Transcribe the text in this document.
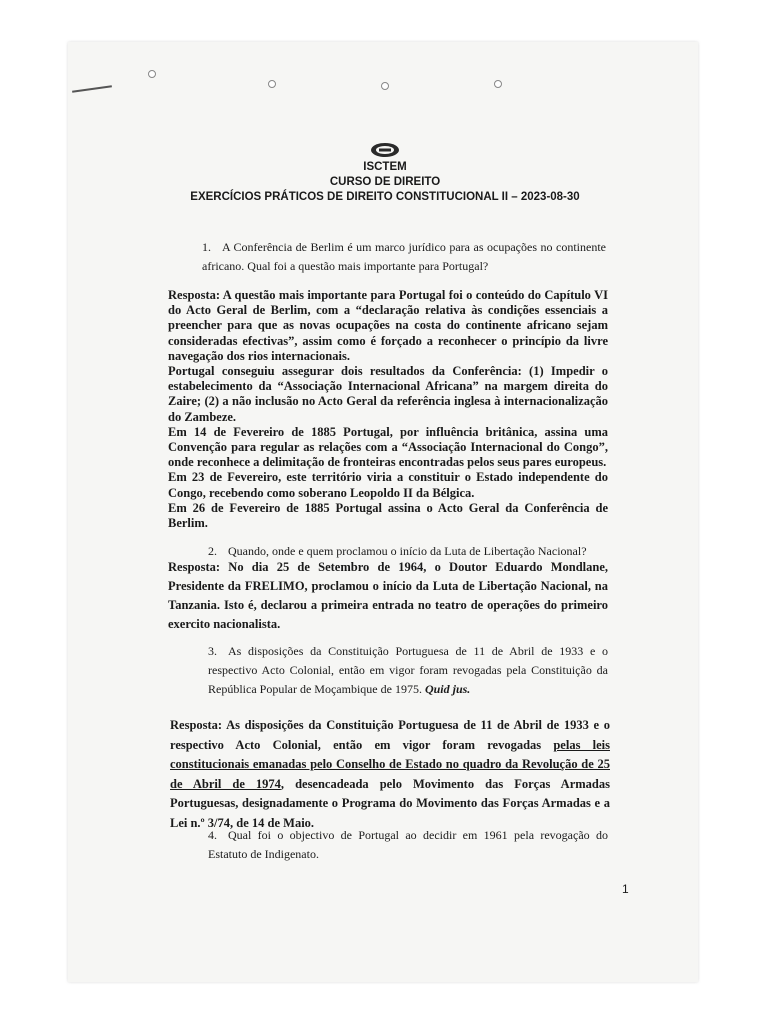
ISCTEM
CURSO DE DIREITO
EXERCÍCIOS PRÁTICOS DE DIREITO CONSTITUCIONAL II – 2023-08-30
1. A Conferência de Berlim é um marco jurídico para as ocupações no continente africano. Qual foi a questão mais importante para Portugal?

Resposta: A questão mais importante para Portugal foi o conteúdo do Capítulo VI do Acto Geral de Berlim, com a “declaração relativa às condições essenciais a preencher para que as novas ocupações na costa do continente africano sejam consideradas efectivas”, assim como é forçado a reconhecer o princípio da livre navegação dos rios internacionais.

Portugal conseguiu assegurar dois resultados da Conferência: (1) Impedir o estabelecimento da “Associação Internacional Africana” na margem direita do Zaire; (2) a não inclusão no Acto Geral da referência inglesa à internacionalização do Zambeze.

Em 14 de Fevereiro de 1885 Portugal, por influência britânica, assina uma Convenção para regular as relações com a “Associação Internacional do Congo”, onde reconhece a delimitação de fronteiras encontradas pelos seus pares europeus.

Em 23 de Fevereiro, este território viria a constituir o Estado independente do Congo, recebendo como soberano Leopoldo II da Bélgica.

Em 26 de Fevereiro de 1885 Portugal assina o Acto Geral da Conferência de Berlim.

2. Quando, onde e quem proclamou o início da Luta de Libertação Nacional?

Resposta: No dia 25 de Setembro de 1964, o Doutor Eduardo Mondlane, Presidente da FRELIMO, proclamou o início da Luta de Libertação Nacional, na Tanzania. Isto é, declarou a primeira entrada no teatro de operações do primeiro exercito nacionalista.

3. As disposições da Constituição Portuguesa de 11 de Abril de 1933 e o respectivo Acto Colonial, então em vigor foram revogadas pela Constituição da República Popular de Moçambique de 1975. Quid jus.

Resposta: As disposições da Constituição Portuguesa de 11 de Abril de 1933 e o respectivo Acto Colonial, então em vigor foram revogadas pelas leis constitucionais emanadas pelo Conselho de Estado no quadro da Revolução de 25 de Abril de 1974, desencadeada pelo Movimento das Forças Armadas Portuguesas, designadamente o Programa do Movimento das Forças Armadas e a Lei n.º 3/74, de 14 de Maio.

4. Qual foi o objectivo de Portugal ao decidir em 1961 pela revogação do Estatuto de Indigenato.
1
